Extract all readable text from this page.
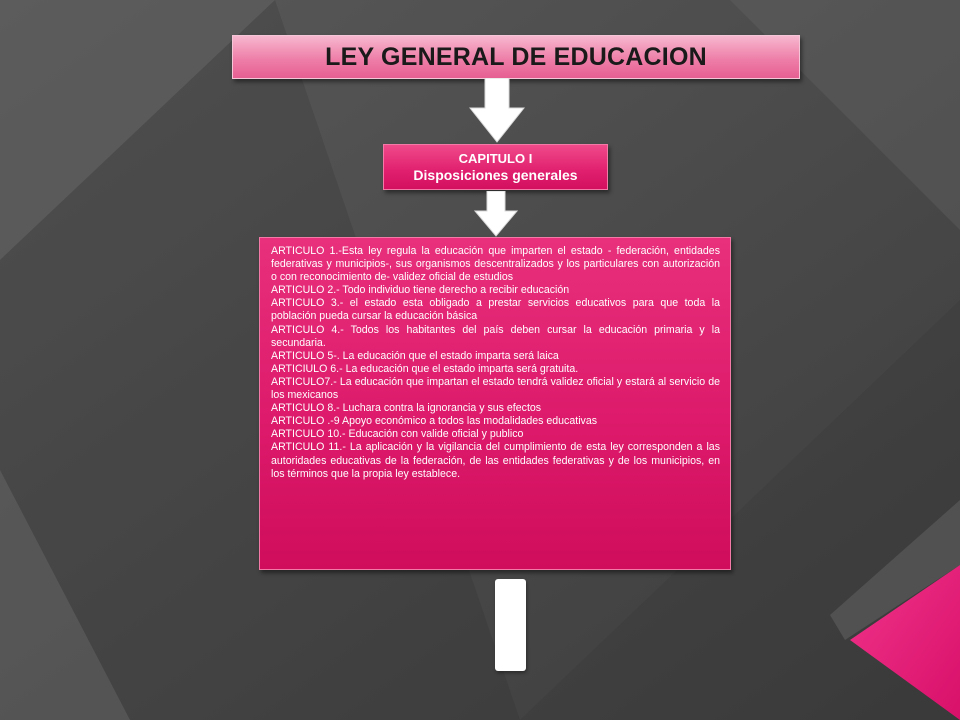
LEY GENERAL DE EDUCACION
CAPITULO I
Disposiciones generales

ARTICULO 1.-Esta ley regula la educación que imparten el estado - federación, entidades federativas y municipios-, sus organismos descentralizados y los particulares con autorización o con reconocimiento de- validez oficial de estudios

ARTICULO 2.- Todo individuo tiene derecho a recibir educación

ARTICULO 3.- el estado esta obligado a prestar servicios educativos para que toda la población pueda cursar la educación básica

ARTICULO 4.- Todos los habitantes del país deben cursar la educación primaria y la secundaria.

ARTICULO 5-. La educación que el estado imparta será laica

ARTICIULO 6.- La educación que el estado imparta será gratuita.

ARTICULO7.- La educación que impartan el estado tendrá validez oficial y estará al servicio de los mexicanos

ARTICULO 8.- Luchara contra la ignorancia y sus efectos

ARTICULO .-9 Apoyo económico a todos las modalidades educativas

ARTICULO 10.- Educación con valide oficial y publico

ARTICULO 11.- La aplicación y la vigilancia del cumplimiento de esta ley corresponden a las autoridades educativas de la federación, de las entidades federativas y de los municipios, en los términos que la propia ley establece.
